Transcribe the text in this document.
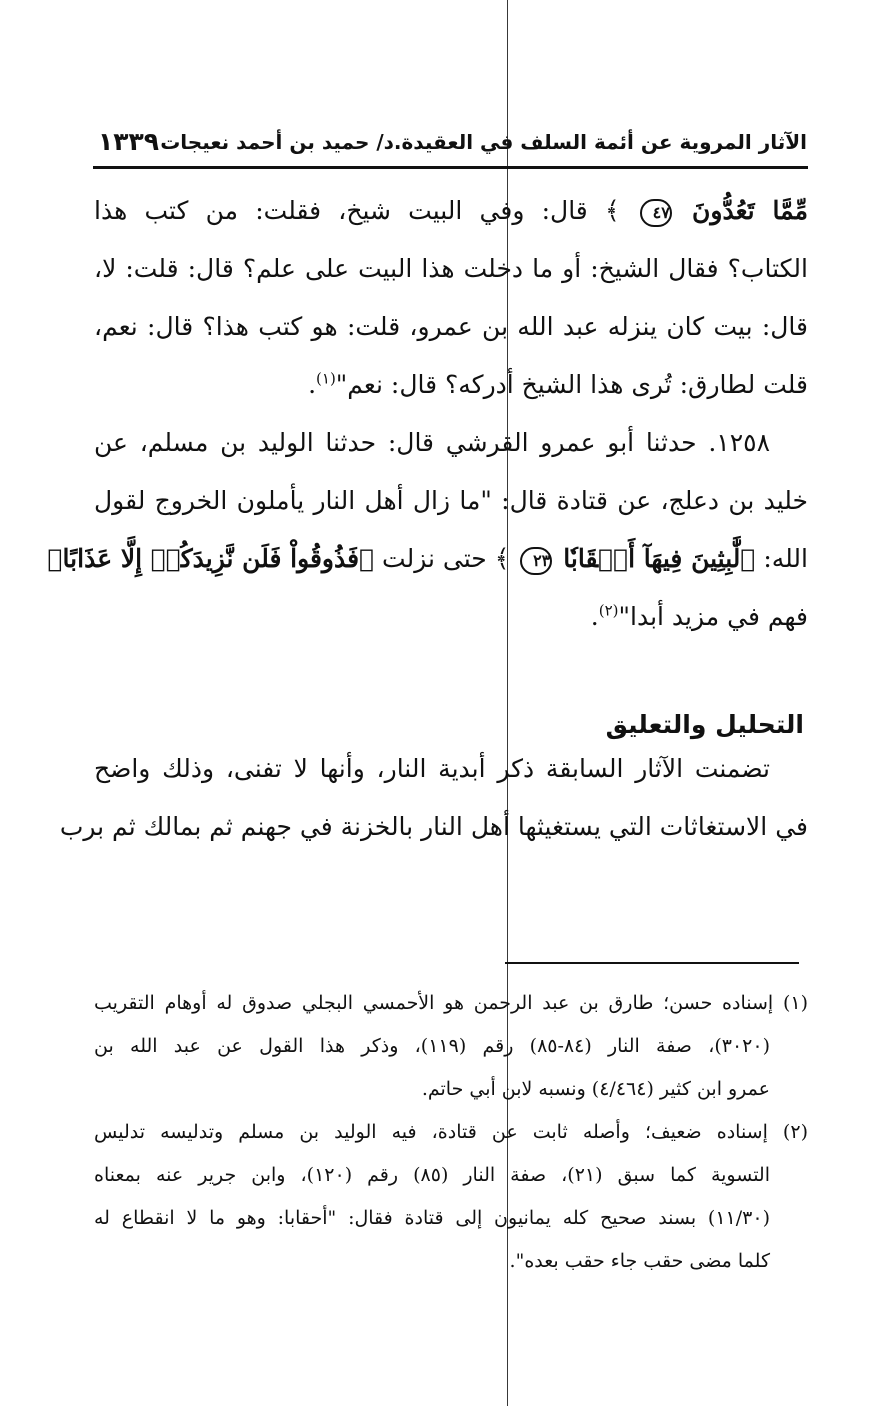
الآثار المروية عن أئمة السلف في العقيدة.د/ حميد بن أحمد نعيجات
١٣٣٩
مِّمَّا تَعُدُّونَ ٤٧ ﴾ قال: وفي البيت شيخ، فقلت: من كتب هذا
الكتاب؟ فقال الشيخ: أو ما دخلت هذا البيت على علم؟ قال: قلت: لا،
قال: بيت كان ينزله عبد الله بن عمرو، قلت: هو كتب هذا؟ قال: نعم،
قلت لطارق: تُرى هذا الشيخ أدركه؟ قال: نعم"$^{(١)}$.
١٢٥٨. حدثنا أبو عمرو القرشي قال: حدثنا الوليد بن مسلم، عن
خليد بن دعلج، عن قتادة قال: "ما زال أهل النار يأملون الخروج لقول
الله: ﴿لَّٰبِثِينَ فِيهَآ أَحۡقَابٗا ٢٣ ﴾ حتى نزلت ﴿فَذُوقُواْ فَلَن نَّزِيدَكُمۡ إِلَّا عَذَابًا﴾
فهم في مزيد أبدا"$^{(٢)}$.
التحليل والتعليق
تضمنت الآثار السابقة ذكر أبدية النار، وأنها لا تفنى، وذلك واضح
في الاستغاثات التي يستغيثها أهل النار بالخزنة في جهنم ثم بمالك ثم برب
(١) إسناده حسن؛ طارق بن عبد الرحمن هو الأحمسي البجلي صدوق له أوهام التقريب
(٣٠٢٠)، صفة النار (٨٤-٨٥) رقم (١١٩)، وذكر هذا القول عن عبد الله بن
عمرو ابن كثير (٤/٤٦٤) ونسبه لابن أبي حاتم.
(٢) إسناده ضعيف؛ وأصله ثابت عن قتادة، فيه الوليد بن مسلم وتدليسه تدليس
التسوية كما سبق (٢١)، صفة النار (٨٥) رقم (١٢٠)، وابن جرير عنه بمعناه
(١١/٣٠) بسند صحيح كله يمانيون إلى قتادة فقال: "أحقابا: وهو ما لا انقطاع له
كلما مضى حقب جاء حقب بعده".
